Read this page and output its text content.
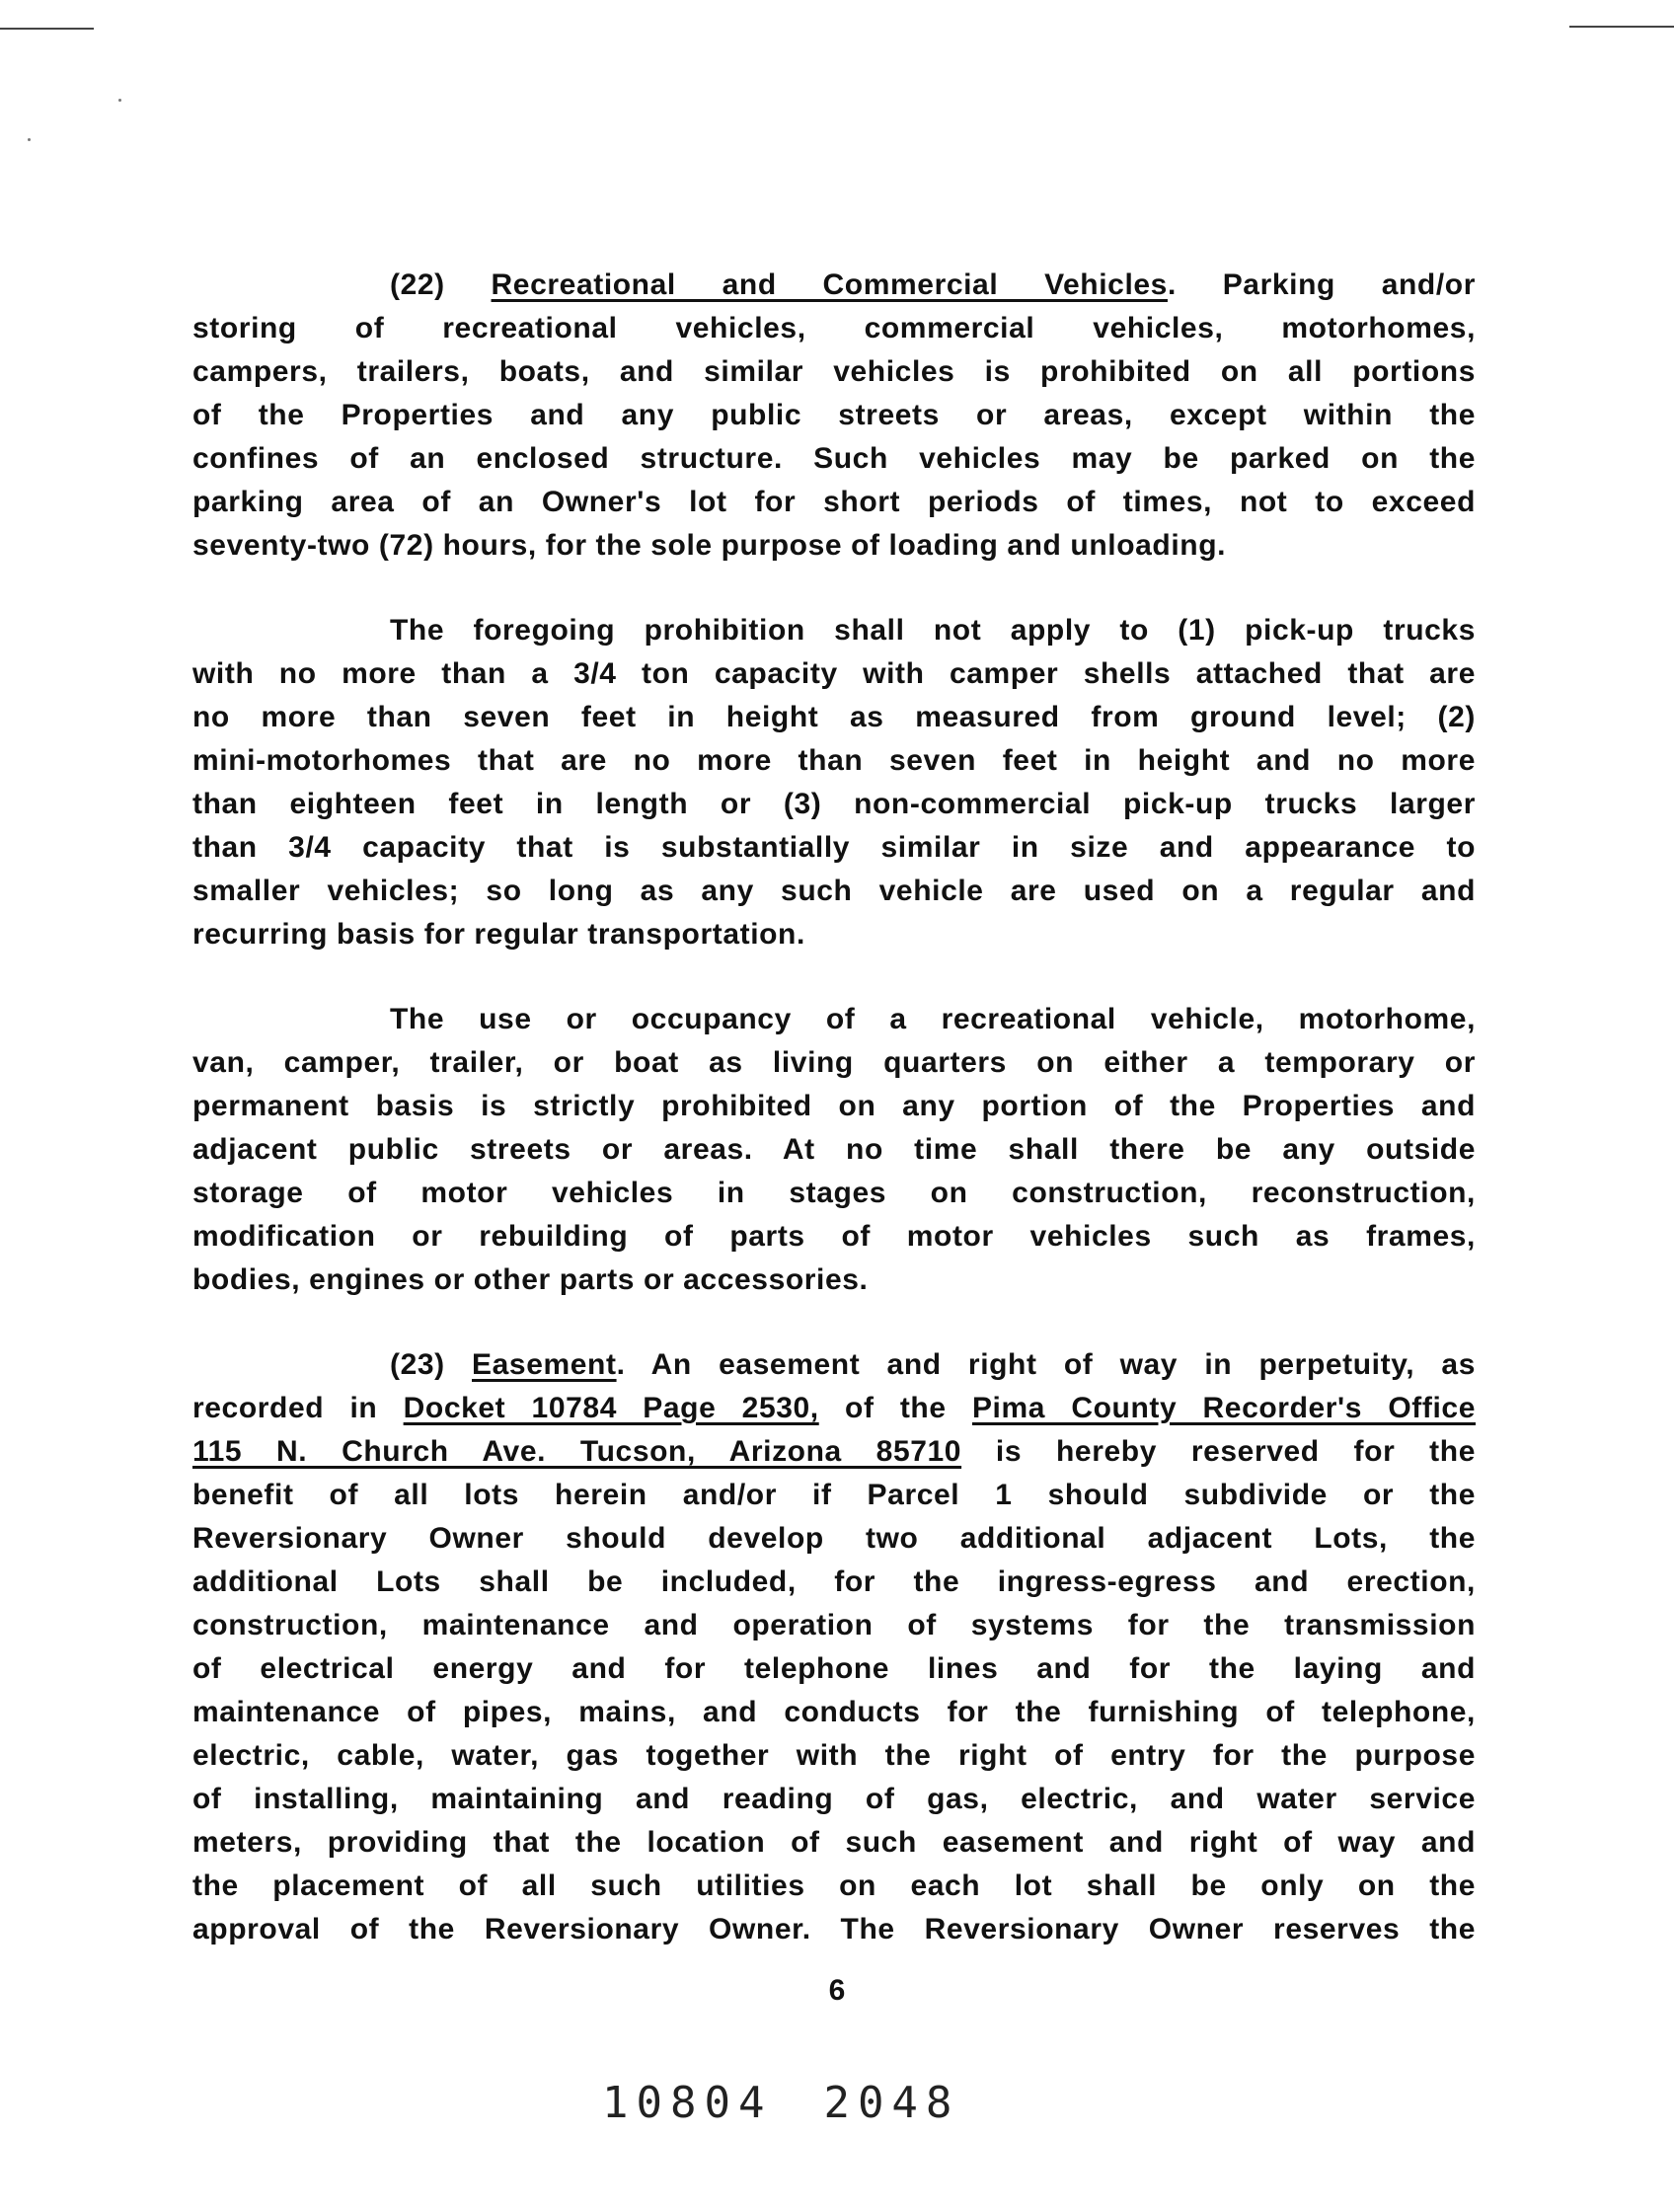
(22) Recreational and Commercial Vehicles. Parking and/or
storing of recreational vehicles, commercial vehicles, motorhomes,
campers, trailers, boats, and similar vehicles is prohibited on all portions
of the Properties and any public streets or areas, except within the
confines of an enclosed structure. Such vehicles may be parked on the
parking area of an Owner's lot for short periods of times, not to exceed
seventy-two (72) hours, for the sole purpose of loading and unloading.
The foregoing prohibition shall not apply to (1) pick-up trucks
with no more than a 3/4 ton capacity with camper shells attached that are
no more than seven feet in height as measured from ground level; (2)
mini-motorhomes that are no more than seven feet in height and no more
than eighteen feet in length or (3) non-commercial pick-up trucks larger
than 3/4 capacity that is substantially similar in size and appearance to
smaller vehicles; so long as any such vehicle are used on a regular and
recurring basis for regular transportation.
The use or occupancy of a recreational vehicle, motorhome,
van, camper, trailer, or boat as living quarters on either a temporary or
permanent basis is strictly prohibited on any portion of the Properties and
adjacent public streets or areas. At no time shall there be any outside
storage of motor vehicles in stages on construction, reconstruction,
modification or rebuilding of parts of motor vehicles such as frames,
bodies, engines or other parts or accessories.
(23) Easement. An easement and right of way in perpetuity, as
recorded in Docket 10784 Page 2530, of the Pima County Recorder's Office
115 N. Church Ave. Tucson, Arizona 85710 is hereby reserved for the
benefit of all lots herein and/or if Parcel 1 should subdivide or the
Reversionary Owner should develop two additional adjacent Lots, the
additional Lots shall be included, for the ingress-egress and erection,
construction, maintenance and operation of systems for the transmission
of electrical energy and for telephone lines and for the laying and
maintenance of pipes, mains, and conducts for the furnishing of telephone,
electric, cable, water, gas together with the right of entry for the purpose
of installing, maintaining and reading of gas, electric, and water service
meters, providing that the location of such easement and right of way and
the placement of all such utilities on each lot shall be only on the
approval of the Reversionary Owner. The Reversionary Owner reserves the
6
10804 2048
